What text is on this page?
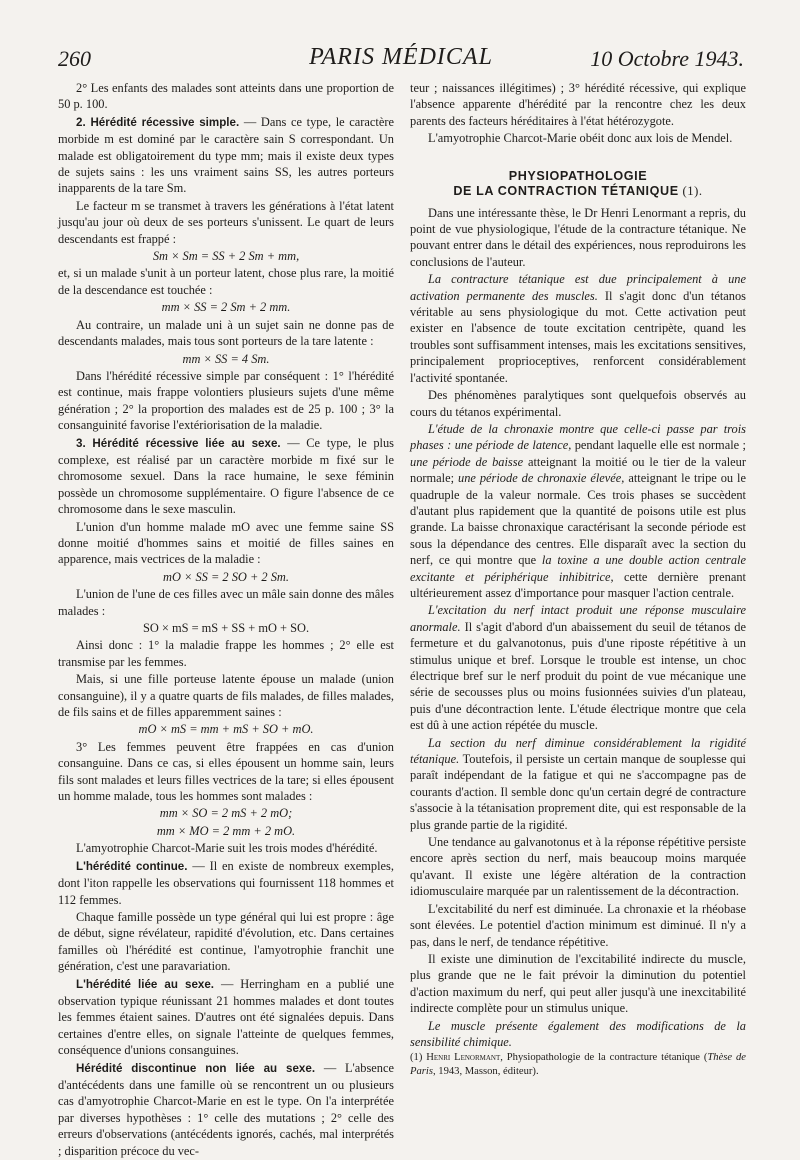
260	PARIS MÉDICAL	10 Octobre 1943.

2° Les enfants des malades sont atteints dans une proportion de 50 p. 100.

2. Hérédité récessive simple. — Dans ce type, le caractère morbide m est dominé par le caractère sain S correspondant. Un malade est obligatoirement du type mm; mais il existe deux types de sujets sains : les uns vraiment sains SS, les autres porteurs inapparents de la tare Sm.

Le facteur m se transmet à travers les générations à l'état latent jusqu'au jour où deux de ses porteurs s'unissent. Le quart de leurs descendants est frappé :

Sm × Sm = SS + 2 Sm + mm,

et, si un malade s'unit à un porteur latent, chose plus rare, la moitié de la descendance est touchée :

mm × SS = 2 Sm + 2 mm.

Au contraire, un malade uni à un sujet sain ne donne pas de descendants malades, mais tous sont porteurs de la tare latente :

mm × SS = 4 Sm.

Dans l'hérédité récessive simple par conséquent : 1° l'hérédité est continue, mais frappe volontiers plusieurs sujets d'une même génération ; 2° la proportion des malades est de 25 p. 100 ; 3° la consanguinité favorise l'extériorisation de la maladie.

3. Hérédité récessive liée au sexe. — Ce type, le plus complexe, est réalisé par un caractère morbide m fixé sur le chromosome sexuel. Dans la race humaine, le sexe féminin possède un chromosome supplémentaire. O figure l'absence de ce chromosome dans le sexe masculin.

L'union d'un homme malade mO avec une femme saine SS donne moitié d'hommes sains et moitié de filles saines en apparence, mais vectrices de la maladie :

mO × SS = 2 SO + 2 Sm.

L'union de l'une de ces filles avec un mâle sain donne des mâles malades :

SO × mS = mS + SS + mO + SO.

Ainsi donc : 1° la maladie frappe les hommes ; 2° elle est transmise par les femmes.

Mais, si une fille porteuse latente épouse un malade (union consanguine), il y a quatre quarts de fils malades, de filles malades, de fils sains et de filles apparemment saines :

mO × mS = mm + mS + SO + mO.

3° Les femmes peuvent être frappées en cas d'union consanguine. Dans ce cas, si elles épousent un homme sain, leurs fils sont malades et leurs filles vectrices de la tare; si elles épousent un homme malade, tous les hommes sont malades :

mm × SO = 2 mS + 2 mO;

mm × MO = 2 mm + 2 mO.

L'amyotrophie Charcot-Marie suit les trois modes d'hérédité.

L'hérédité continue. — Il en existe de nombreux exemples, dont l'iton rappelle les observations qui fournissent 118 hommes et 112 femmes.

Chaque famille possède un type général qui lui est propre : âge de début, signe révélateur, rapidité d'évolution, etc. Dans certaines familles où l'hérédité est continue, l'amyotrophie franchit une génération, c'est une paravariation.

L'hérédité liée au sexe. — Herringham en a publié une observation typique réunissant 21 hommes malades et dont toutes les femmes étaient saines. D'autres ont été signalées depuis. Dans certaines d'entre elles, on signale l'atteinte de quelques femmes, conséquence d'unions consanguines.

Hérédité discontinue non liée au sexe. — L'absence d'antécédents dans une famille où se rencontrent un ou plusieurs cas d'amyotrophie Charcot-Marie en est le type. On l'a interprétée par diverses hypothèses : 1° celle des mutations ; 2° celle des erreurs d'observations (antécédents ignorés, cachés, mal interprétés ; disparition précoce du vec-

teur ; naissances illégitimes) ; 3° hérédité récessive, qui explique l'absence apparente d'hérédité par la rencontre chez les deux parents des facteurs héréditaires à l'état hétérozygote.

L'amyotrophie Charcot-Marie obéit donc aux lois de Mendel.

PHYSIOPATHOLOGIE
DE LA CONTRACTION TÉTANIQUE (1).

Dans une intéressante thèse, le Dr Henri Lenormant a repris, du point de vue physiologique, l'étude de la contracture tétanique. Ne pouvant entrer dans le détail des expériences, nous reproduirons les conclusions de l'auteur.

La contracture tétanique est due principalement à une activation permanente des muscles. Il s'agit donc d'un tétanos véritable au sens physiologique du mot. Cette activation peut exister en l'absence de toute excitation centripète, quand les troubles sont suffisamment intenses, mais les excitations sensitives, principalement proprioceptives, renforcent considérablement l'activité spontanée.

Des phénomènes paralytiques sont quelquefois observés au cours du tétanos expérimental.

L'étude de la chronaxie montre que celle-ci passe par trois phases : une période de latence, pendant laquelle elle est normale ; une période de baisse atteignant la moitié ou le tier de la valeur normale; une période de chronaxie élevée, atteignant le tripe ou le quadruple de la valeur normale. Ces trois phases se succèdent d'autant plus rapidement que la quantité de poisons utile est plus grande. La baisse chronaxique caractérisant la seconde période est sous la dépendance des centres. Elle disparaît avec la section du nerf, ce qui montre que la toxine a une double action centrale excitante et périphérique inhibitrice, cette dernière prenant ultérieurement assez d'importance pour masquer l'action centrale.

L'excitation du nerf intact produit une réponse musculaire anormale. Il s'agit d'abord d'un abaissement du seuil de tétanos de fermeture et du galvanotonus, puis d'une riposte répétitive à un stimulus unique et bref. Lorsque le trouble est intense, un choc électrique bref sur le nerf produit du point de vue mécanique une série de secousses plus ou moins fusionnées suivies d'un plateau, puis d'une décontraction lente. L'étude électrique montre que cela est dû à une action répétée du muscle.

La section du nerf diminue considérablement la rigidité tétanique. Toutefois, il persiste un certain manque de souplesse qui paraît indépendant de la fatigue et qui ne s'accompagne pas de courants d'action. Il semble donc qu'un certain degré de contracture s'associe à la tétanisation proprement dite, qui est responsable de la plus grande partie de la rigidité.

Une tendance au galvanotonus et à la réponse répétitive persiste encore après section du nerf, mais beaucoup moins marquée qu'avant. Il existe une légère altération de la contraction idiomusculaire marquée par un ralentissement de la décontraction.

L'excitabilité du nerf est diminuée. La chronaxie et la rhéobase sont élevées. Le potentiel d'action minimum est diminué. Il n'y a pas, dans le nerf, de tendance répétitive.

Il existe une diminution de l'excitabilité indirecte du muscle, plus grande que ne le fait prévoir la diminution du potentiel d'action maximum du nerf, qui peut aller jusqu'à une inexcitabilité indirecte complète pour un stimulus unique.

Le muscle présente également des modifications de la sensibilité chimique.

(1) Henri Lenormant, Physiopathologie de la contracture tétanique (Thèse de Paris, 1943, Masson, éditeur).
